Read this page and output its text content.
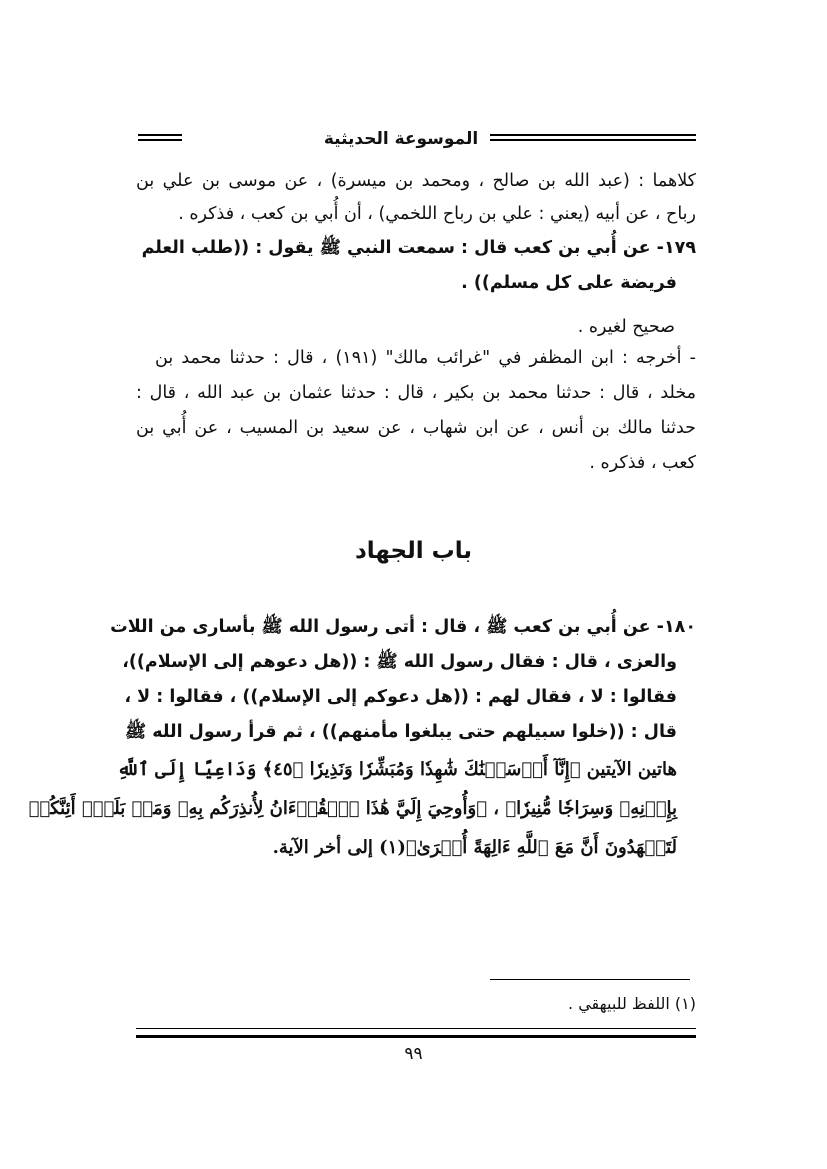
الموسوعة الحديثية
كلاهما : (عبد الله بن صالح ، ومحمد بن ميسرة) ، عن موسى بن علي بن
رباح ، عن أبيه (يعني : علي بن رباح اللخمي) ، أن أُبي بن كعب ، فذكره .
١٧٩- عن أُبي بن كعب قال : سمعت النبي ﷺ يقول : ((طلب العلم
فريضة على كل مسلم)) .
صحيح لغيره .
- أخرجه : ابن المظفر في "غرائب مالك" (١٩١) ، قال : حدثنا محمد بن
مخلد ، قال : حدثنا محمد بن بكير ، قال : حدثنا عثمان بن عبد الله ، قال :
حدثنا مالك بن أنس ، عن ابن شهاب ، عن سعيد بن المسيب ، عن أُبي بن
كعب ، فذكره .
باب الجهاد
١٨٠- عن أُبي بن كعب ﷺ ، قال : أتى رسول الله ﷺ بأسارى من اللات
والعزى ، قال : فقال رسول الله ﷺ : ((هل دعوهم إلى الإسلام))،
فقالوا : لا ، فقال لهم : ((هل دعوكم إلى الإسلام)) ، فقالوا : لا ،
قال : ((خلوا سبيلهم حتى يبلغوا مأمنهم)) ، ثم قرأ رسول الله ﷺ
هاتين الآيتين ﴿إِنَّآ أَرۡسَلۡنَٰكَ شَٰهِدٗا وَمُبَشِّرٗا وَنَذِيرٗا ﴿٤٥﴾ وَدَاعِيًا إِلَى ٱللَّهِ
بِإِذۡنِهِۦ وَسِرَاجٗا مُّنِيرٗا﴾ ، ﴿وَأُوحِيَ إِلَيَّ هَٰذَا ٱلۡقُرۡءَانُ لِأُنذِرَكُم بِهِۦ وَمَنۢ بَلَغَۚ أَئِنَّكُمۡ
لَتَشۡهَدُونَ أَنَّ مَعَ ٱللَّهِ ءَالِهَةً أُخۡرَىٰ﴾(١) إلى أخر الآية.
(١) اللفظ للبيهقي .
٩٩
